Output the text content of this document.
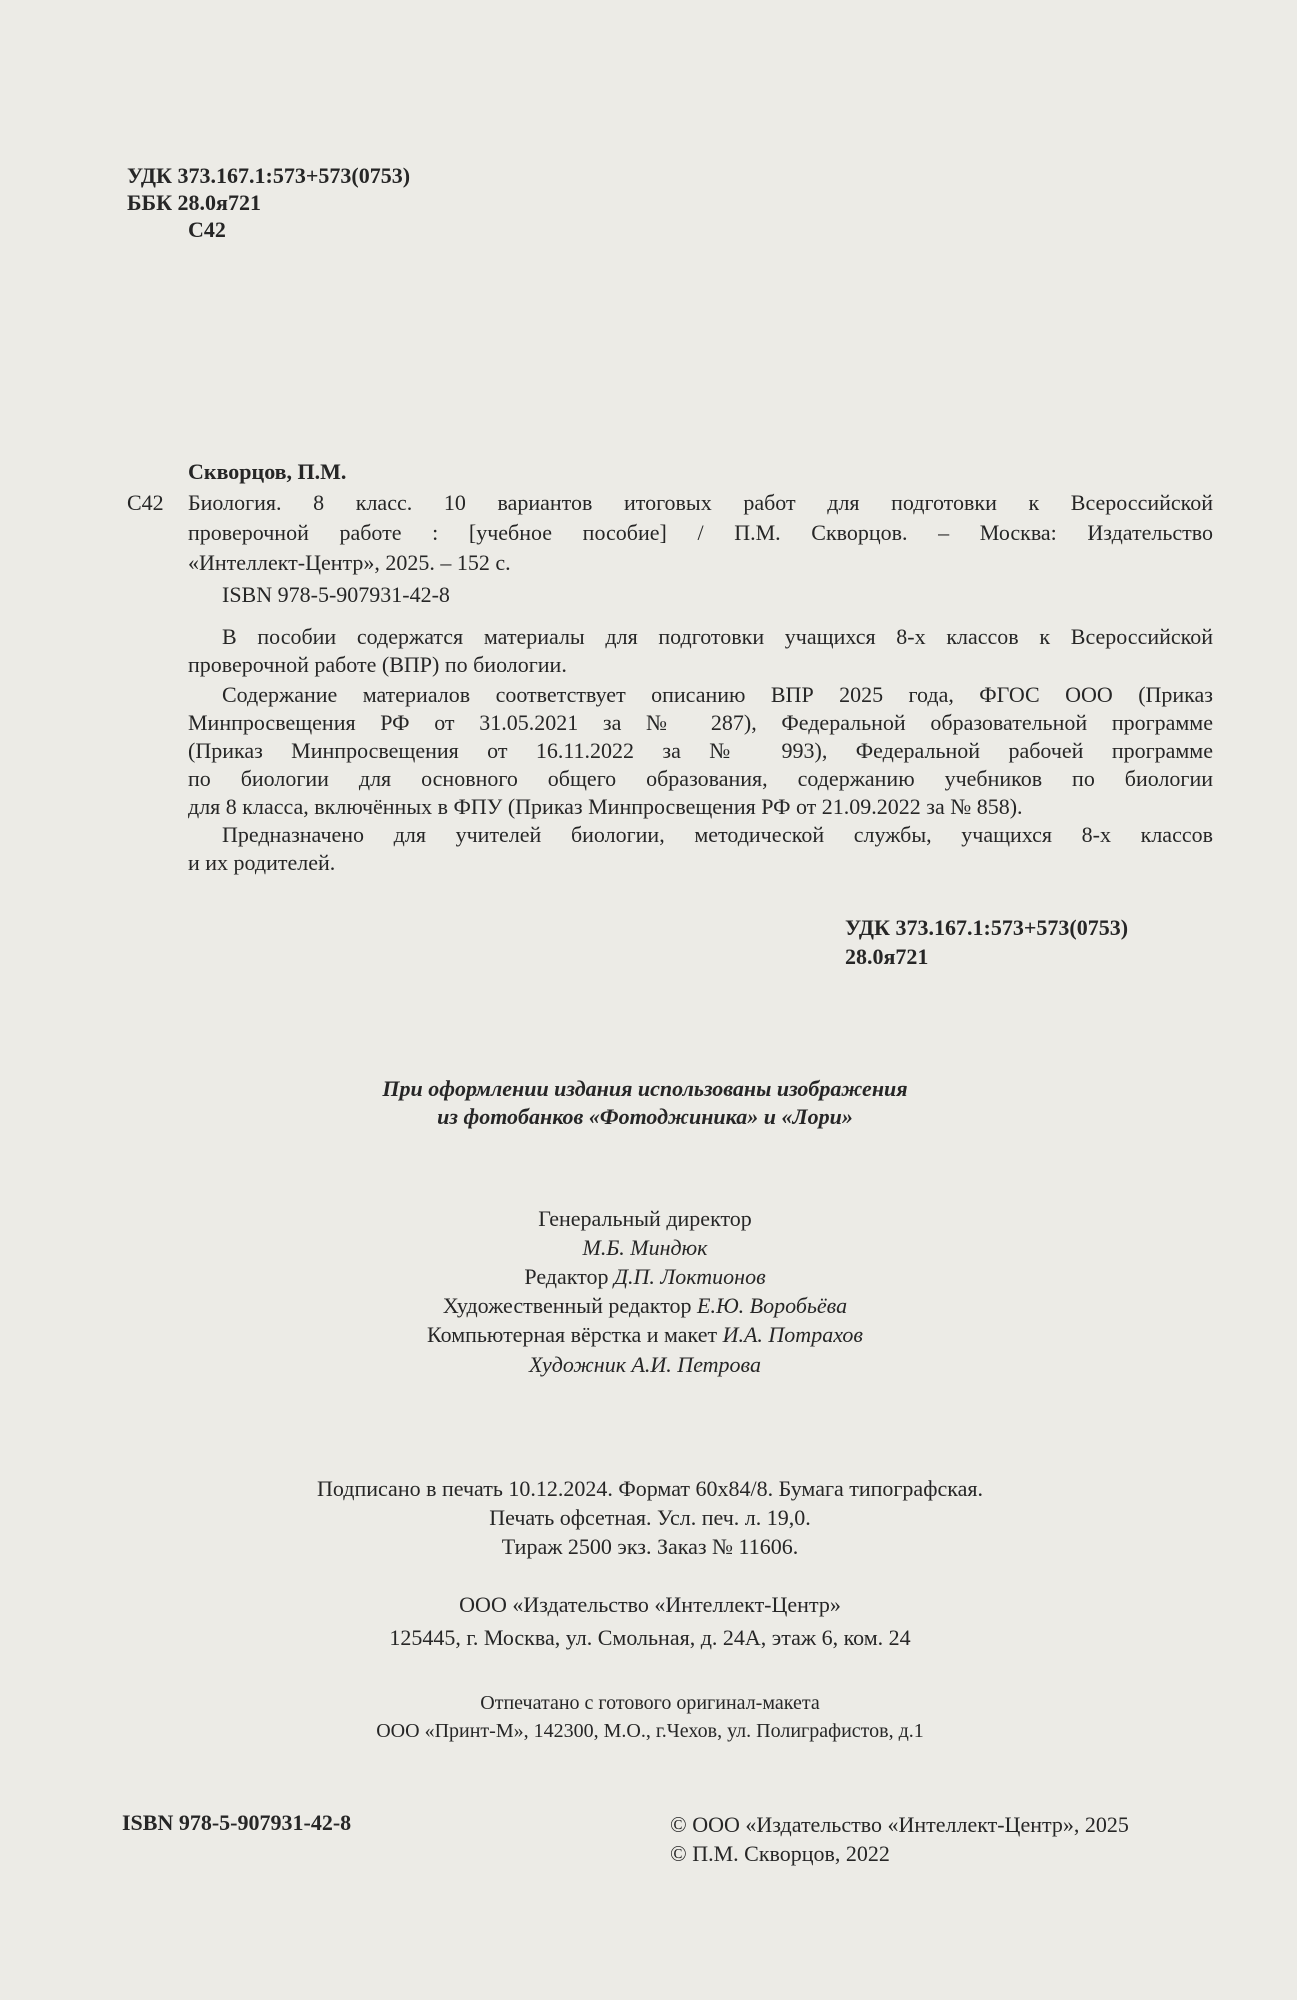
УДК 373.167.1:573+573(0753)
ББК 28.0я721
С42
Скворцов, П.М.
С42 Биология. 8 класс. 10 вариантов итоговых работ для подготовки к Всероссийской
проверочной работе : [учебное пособие] / П.М. Скворцов. – Москва: Издательство
«Интеллект-Центр», 2025. – 152 с.
ISBN 978-5-907931-42-8
В пособии содержатся материалы для подготовки учащихся 8-х классов к Всероссийской
проверочной работе (ВПР) по биологии.
Содержание материалов соответствует описанию ВПР 2025 года, ФГОС ООО (Приказ
Минпросвещения РФ от 31.05.2021 за № 287), Федеральной образовательной программе
(Приказ Минпросвещения от 16.11.2022 за № 993), Федеральной рабочей программе
по биологии для основного общего образования, содержанию учебников по биологии
для 8 класса, включённых в ФПУ (Приказ Минпросвещения РФ от 21.09.2022 за № 858).
Предназначено для учителей биологии, методической службы, учащихся 8-х классов
и их родителей.
УДК 373.167.1:573+573(0753)
28.0я721
При оформлении издания использованы изображения
из фотобанков «Фотоджиника» и «Лори»
Генеральный директор
М.Б. Миндюк
Редактор Д.П. Локтионов
Художественный редактор Е.Ю. Воробьёва
Компьютерная вёрстка и макет И.А. Потрахов
Художник А.И. Петрова
Подписано в печать 10.12.2024. Формат 60х84/8. Бумага типографская.
Печать офсетная. Усл. печ. л. 19,0.
Тираж 2500 экз. Заказ № 11606.
ООО «Издательство «Интеллект-Центр»
125445, г. Москва, ул. Смольная, д. 24А, этаж 6, ком. 24
Отпечатано с готового оригинал-макета
ООО «Принт-М», 142300, М.О., г.Чехов, ул. Полиграфистов, д.1
ISBN 978-5-907931-42-8	© ООО «Издательство «Интеллект-Центр», 2025
© П.М. Скворцов, 2022
